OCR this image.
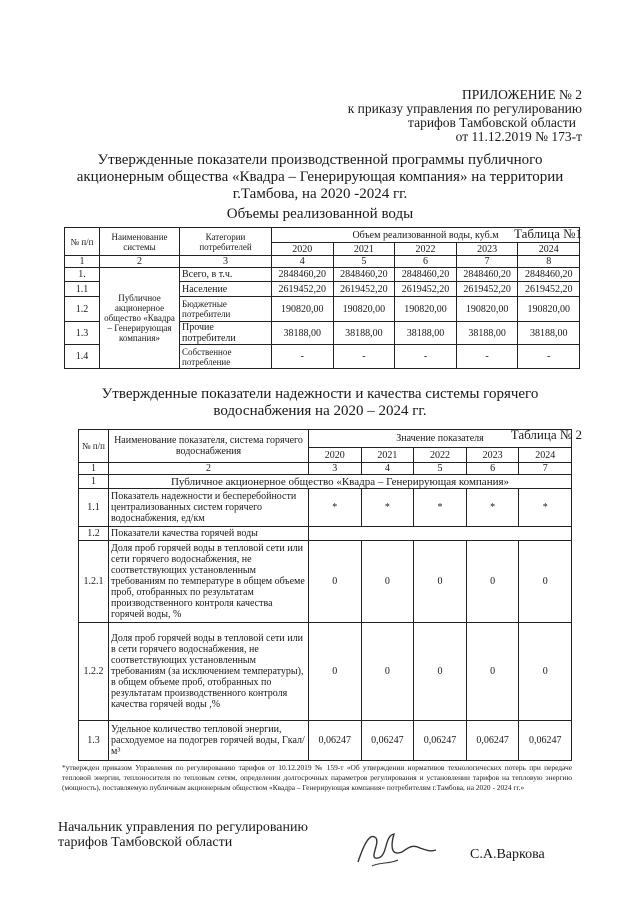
ПРИЛОЖЕНИЕ № 2
к приказу управления по регулированию
тарифов Тамбовской области
от 11.12.2019 № 173-т
Утвержденные показатели производственной программы публичного
акционерным общества «Квадра – Генерирующая компания» на территории
г.Тамбова, на 2020 -2024 гг.
Объемы реализованной воды
Таблица №1
№ п/п	Наименование системы	Категории потребителей	Объем реализованной воды, куб.м				
			2020	2021	2022	2023	2024
1	2	3	4	5	6	7	8
1.	Публичное акционерное общество «Квадра – Генерирующая компания»	Всего, в т.ч.	2848460,20	2848460,20	2848460,20	2848460,20	2848460,20
1.1		Население	2619452,20	2619452,20	2619452,20	2619452,20	2619452,20
1.2		Бюджетные потребители	190820,00	190820,00	190820,00	190820,00	190820,00
1.3		Прочие потребители	38188,00	38188,00	38188,00	38188,00	38188,00
1.4		Собственное потребление	-	-	-	-	-
Утвержденные показатели надежности и качества системы горячего
водоснабжения на 2020 – 2024 гг.
Таблица № 2
№ п/п	Наименование показателя, система горячего водоснабжения	Значение показателя				
		2020	2021	2022	2023	2024
1	2	3	4	5	6	7
1	Публичное акционерное общество «Квадра – Генерирующая компания»					
1.1	Показатель надежности и бесперебойности централизованных систем горячего водоснабжения, ед/км	*	*	*	*	*
1.2	Показатели качества горячей воды					
1.2.1	Доля проб горячей воды в тепловой сети или сети горячего водоснабжения, не соответствующих установленным требованиям по температуре в общем объеме проб, отобранных по результатам производственного контроля качества горячей воды, %	0	0	0	0	0
1.2.2	Доля проб горячей воды в тепловой сети или в сети горячего водоснабжения, не соответствующих установленным требованиям (за исключением температуры), в общем объеме проб, отобранных по результатам производственного контроля качества горячей воды ,%	0	0	0	0	0
1.3	Удельное количество тепловой энергии, расходуемое на подогрев горячей воды, Гкал/м³	0,06247	0,06247	0,06247	0,06247	0,06247
*утвержден приказом Управления по регулированию тарифов от 10.12.2019 № 159-т «Об утверждении нормативов технологических потерь при передаче тепловой энергии, теплоносителя по тепловым сетям, определении долгосрочных параметров регулирования и установлении тарифов на тепловую энергию (мощность), поставляемую публичным акционерным обществом «Квадра – Генерирующая компания» потребителям г.Тамбова, на 2020 - 2024 гг.»
Начальник управления по регулированию
тарифов Тамбовской области
С.А.Варкова
